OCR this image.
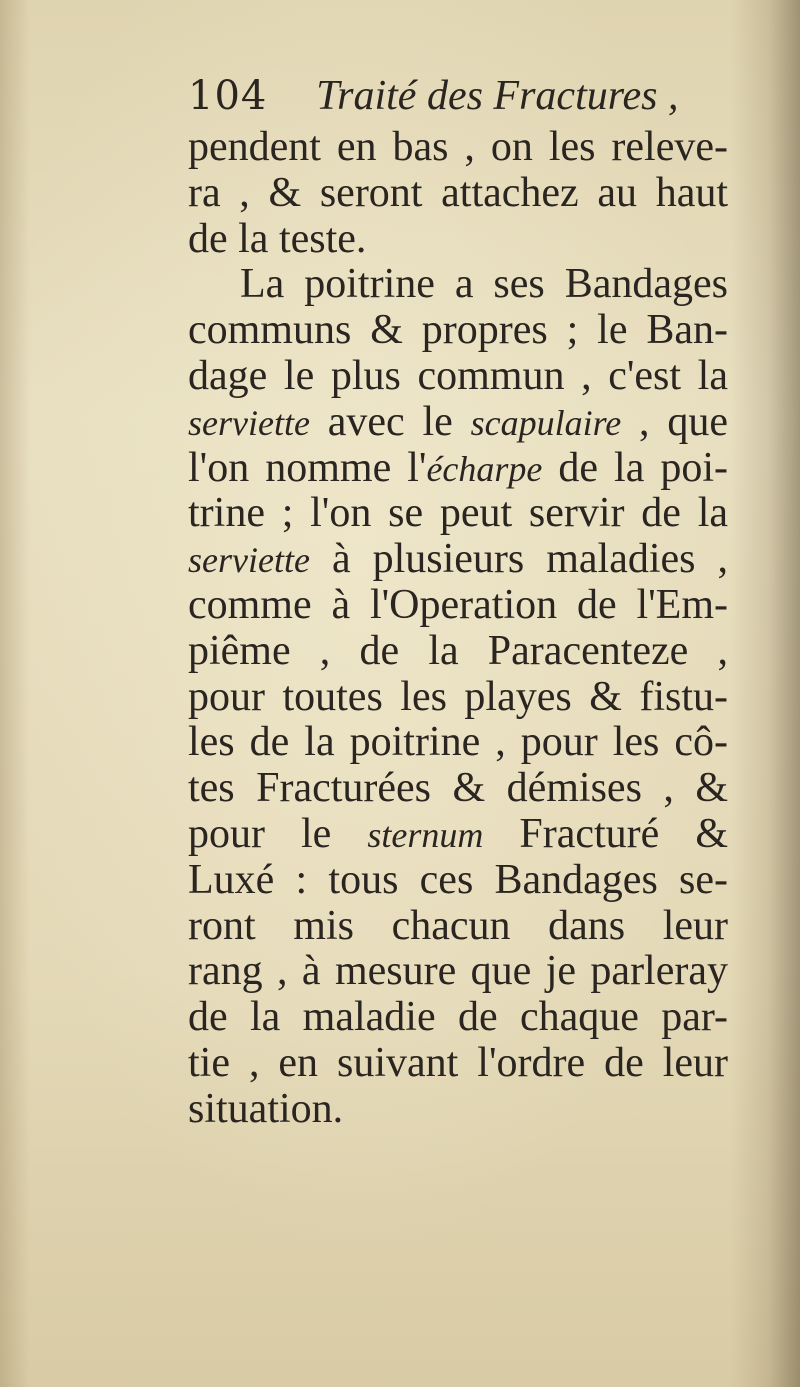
104 Traité des Fractures ,
pendent en bas , on les releve-
ra , & seront attachez au haut
de la teste.
La poitrine a ses Bandages
communs & propres ; le Ban-
dage le plus commun , c'est la
serviette avec le scapulaire , que
l'on nomme l'écharpe de la poi-
trine ; l'on se peut servir de la
serviette à plusieurs maladies ,
comme à l'Operation de l'Em-
piême , de la Paracenteze ,
pour toutes les playes & fistu-
les de la poitrine , pour les cô-
tes Fracturées & démises , &
pour le sternum Fracturé &
Luxé : tous ces Bandages se-
ront mis chacun dans leur
rang , à mesure que je parleray
de la maladie de chaque par-
tie , en suivant l'ordre de leur
situation.
